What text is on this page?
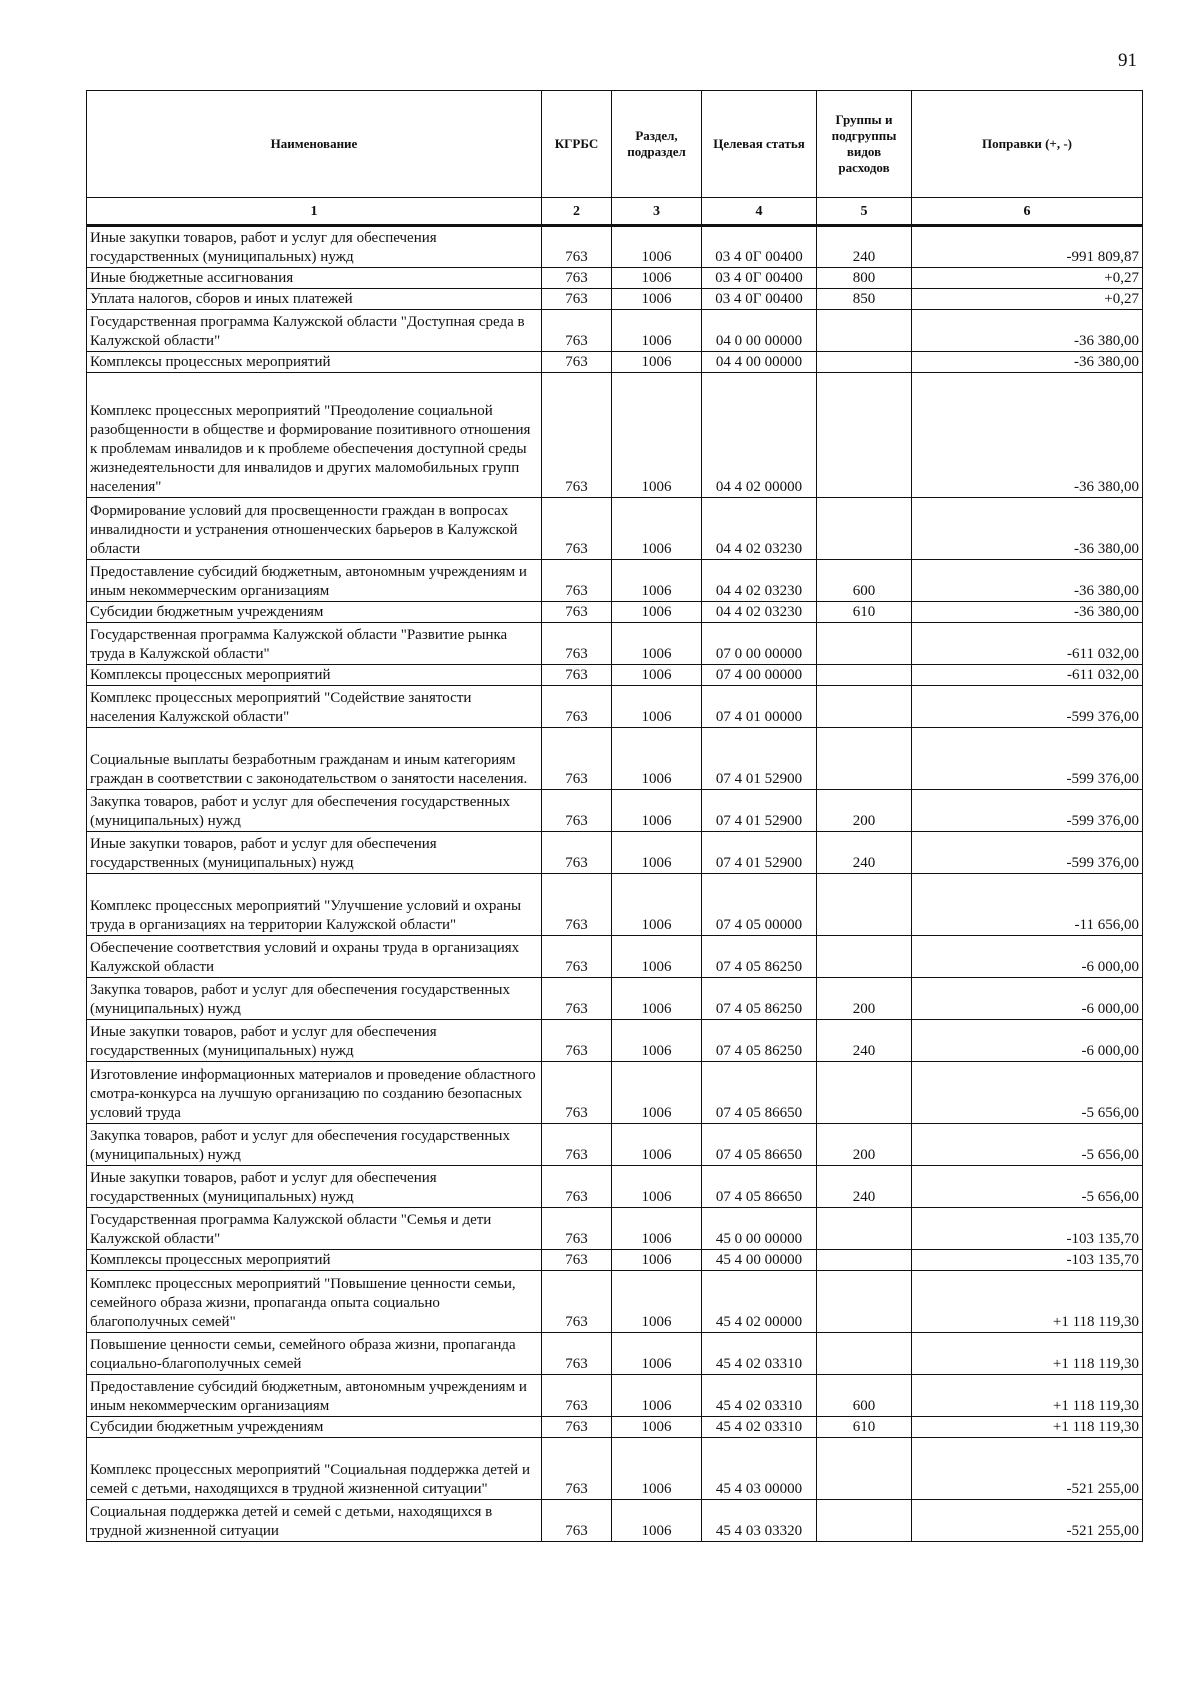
91
Наименование	КГРБС	Раздел, подраздел	Целевая статья	Группы и подгруппы видов расходов	Поправки (+, -)
1	2	3	4	5	6
Иные закупки товаров, работ и услуг для обеспечения государственных (муниципальных) нужд	763	1006	03 4 0Г 00400	240	-991 809,87
Иные бюджетные ассигнования	763	1006	03 4 0Г 00400	800	+0,27
Уплата налогов, сборов и иных платежей	763	1006	03 4 0Г 00400	850	+0,27
Государственная программа Калужской области "Доступная среда в Калужской области"	763	1006	04 0 00 00000		-36 380,00
Комплексы процессных мероприятий	763	1006	04 4 00 00000		-36 380,00
Комплекс процессных мероприятий "Преодоление социальной разобщенности в обществе и формирование позитивного отношения к проблемам инвалидов и к проблеме обеспечения доступной среды жизнедеятельности для инвалидов и других маломобильных групп населения"	763	1006	04 4 02 00000		-36 380,00
Формирование условий для просвещенности граждан в вопросах инвалидности и устранения отношенческих барьеров в Калужской области	763	1006	04 4 02 03230		-36 380,00
Предоставление субсидий бюджетным, автономным учреждениям и иным некоммерческим организациям	763	1006	04 4 02 03230	600	-36 380,00
Субсидии бюджетным учреждениям	763	1006	04 4 02 03230	610	-36 380,00
Государственная программа Калужской области "Развитие рынка труда в Калужской области"	763	1006	07 0 00 00000		-611 032,00
Комплексы процессных мероприятий	763	1006	07 4 00 00000		-611 032,00
Комплекс процессных мероприятий "Содействие занятости населения Калужской области"	763	1006	07 4 01 00000		-599 376,00
Социальные выплаты безработным гражданам и иным категориям граждан в соответствии с законодательством о занятости населения.	763	1006	07 4 01 52900		-599 376,00
Закупка товаров, работ и услуг для обеспечения государственных (муниципальных) нужд	763	1006	07 4 01 52900	200	-599 376,00
Иные закупки товаров, работ и услуг для обеспечения государственных (муниципальных) нужд	763	1006	07 4 01 52900	240	-599 376,00
Комплекс процессных мероприятий "Улучшение условий и охраны труда в организациях на территории Калужской области"	763	1006	07 4 05 00000		-11 656,00
Обеспечение соответствия условий и охраны труда в организациях Калужской области	763	1006	07 4 05 86250		-6 000,00
Закупка товаров, работ и услуг для обеспечения государственных (муниципальных) нужд	763	1006	07 4 05 86250	200	-6 000,00
Иные закупки товаров, работ и услуг для обеспечения государственных (муниципальных) нужд	763	1006	07 4 05 86250	240	-6 000,00
Изготовление информационных материалов и проведение областного смотра-конкурса на лучшую организацию по созданию безопасных условий труда	763	1006	07 4 05 86650		-5 656,00
Закупка товаров, работ и услуг для обеспечения государственных (муниципальных) нужд	763	1006	07 4 05 86650	200	-5 656,00
Иные закупки товаров, работ и услуг для обеспечения государственных (муниципальных) нужд	763	1006	07 4 05 86650	240	-5 656,00
Государственная программа Калужской области "Семья и дети Калужской области"	763	1006	45 0 00 00000		-103 135,70
Комплексы процессных мероприятий	763	1006	45 4 00 00000		-103 135,70
Комплекс процессных мероприятий "Повышение ценности семьи, семейного образа жизни, пропаганда опыта социально благополучных семей"	763	1006	45 4 02 00000		+1 118 119,30
Повышение ценности семьи, семейного образа жизни, пропаганда социально-благополучных семей	763	1006	45 4 02 03310		+1 118 119,30
Предоставление субсидий бюджетным, автономным учреждениям и иным некоммерческим организациям	763	1006	45 4 02 03310	600	+1 118 119,30
Субсидии бюджетным учреждениям	763	1006	45 4 02 03310	610	+1 118 119,30
Комплекс процессных мероприятий "Социальная поддержка детей и семей с детьми, находящихся в трудной жизненной ситуации"	763	1006	45 4 03 00000		-521 255,00
Социальная поддержка детей и семей с детьми, находящихся в трудной жизненной ситуации	763	1006	45 4 03 03320		-521 255,00
